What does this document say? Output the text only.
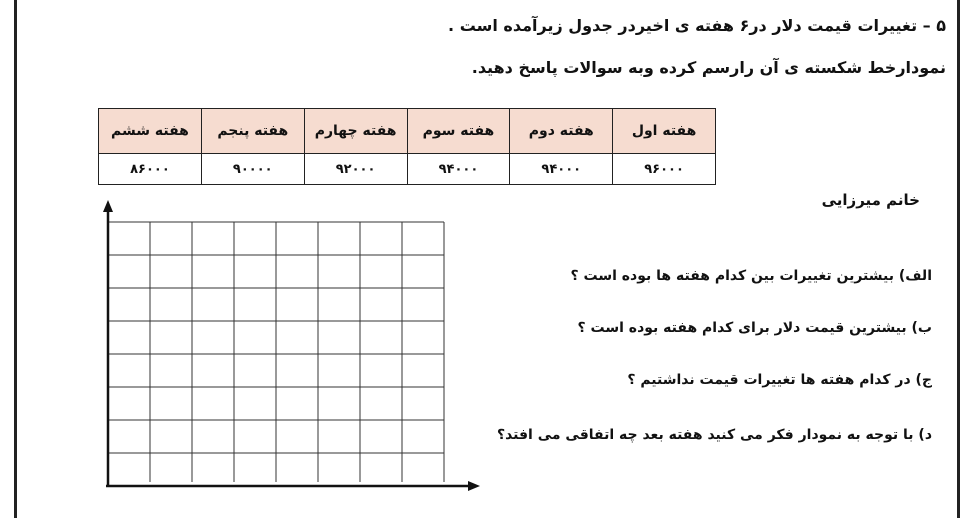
۵ – تغییرات قیمت دلار در۶ هفته ی اخیردر جدول زیرآمده است .
نمودارخط شکسته ی آن رارسم کرده وبه سوالات پاسخ دهید.
هفته اول	هفته دوم	هفته سوم	هفته چهارم	هفته پنجم	هفته ششم
۹۶۰۰۰	۹۴۰۰۰	۹۴۰۰۰	۹۲۰۰۰	۹۰۰۰۰	۸۶۰۰۰
خانم میرزایی
الف) بیشترین تغییرات بین کدام هفته ها بوده است ؟
ب) بیشترین قیمت دلار برای کدام هفته بوده است ؟
ج) در کدام هفته ها تغییرات قیمت نداشتیم ؟
د) با توجه به نمودار فکر می کنید هفته بعد چه اتفاقی می افتد؟
